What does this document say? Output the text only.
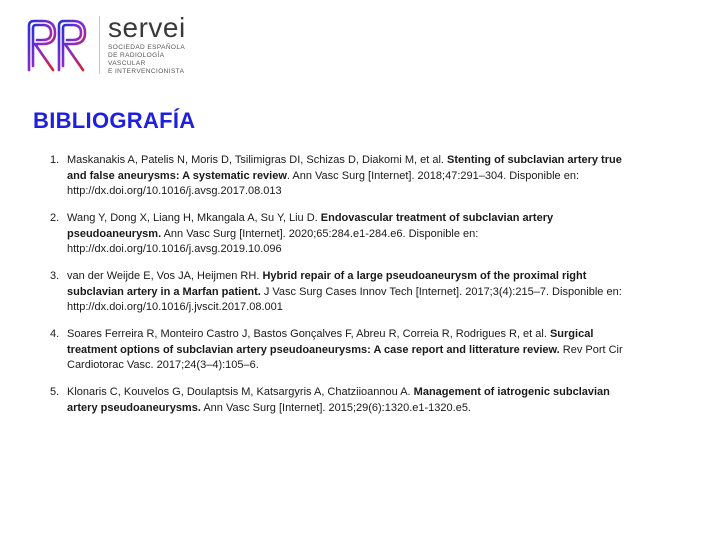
servei
SOCIEDAD ESPAÑOLA
DE RADIOLOGÍA
VASCULAR
E INTERVENCIONISTA
BIBLIOGRAFÍA
1. Maskanakis A, Patelis N, Moris D, Tsilimigras DI, Schizas D, Diakomi M, et al. Stenting of subclavian artery true and false aneurysms: A systematic review. Ann Vasc Surg [Internet]. 2018;47:291–304. Disponible en: http://dx.doi.org/10.1016/j.avsg.2017.08.013
2. Wang Y, Dong X, Liang H, Mkangala A, Su Y, Liu D. Endovascular treatment of subclavian artery pseudoaneurysm. Ann Vasc Surg [Internet]. 2020;65:284.e1-284.e6. Disponible en: http://dx.doi.org/10.1016/j.avsg.2019.10.096
3. van der Weijde E, Vos JA, Heijmen RH. Hybrid repair of a large pseudoaneurysm of the proximal right subclavian artery in a Marfan patient. J Vasc Surg Cases Innov Tech [Internet]. 2017;3(4):215–7. Disponible en: http://dx.doi.org/10.1016/j.jvscit.2017.08.001
4. Soares Ferreira R, Monteiro Castro J, Bastos Gonçalves F, Abreu R, Correia R, Rodrigues R, et al. Surgical treatment options of subclavian artery pseudoaneurysms: A case report and litterature review. Rev Port Cir Cardiotorac Vasc. 2017;24(3–4):105–6.
5. Klonaris C, Kouvelos G, Doulaptsis M, Katsargyris A, Chatziioannou A. Management of iatrogenic subclavian artery pseudoaneurysms. Ann Vasc Surg [Internet]. 2015;29(6):1320.e1-1320.e5.
